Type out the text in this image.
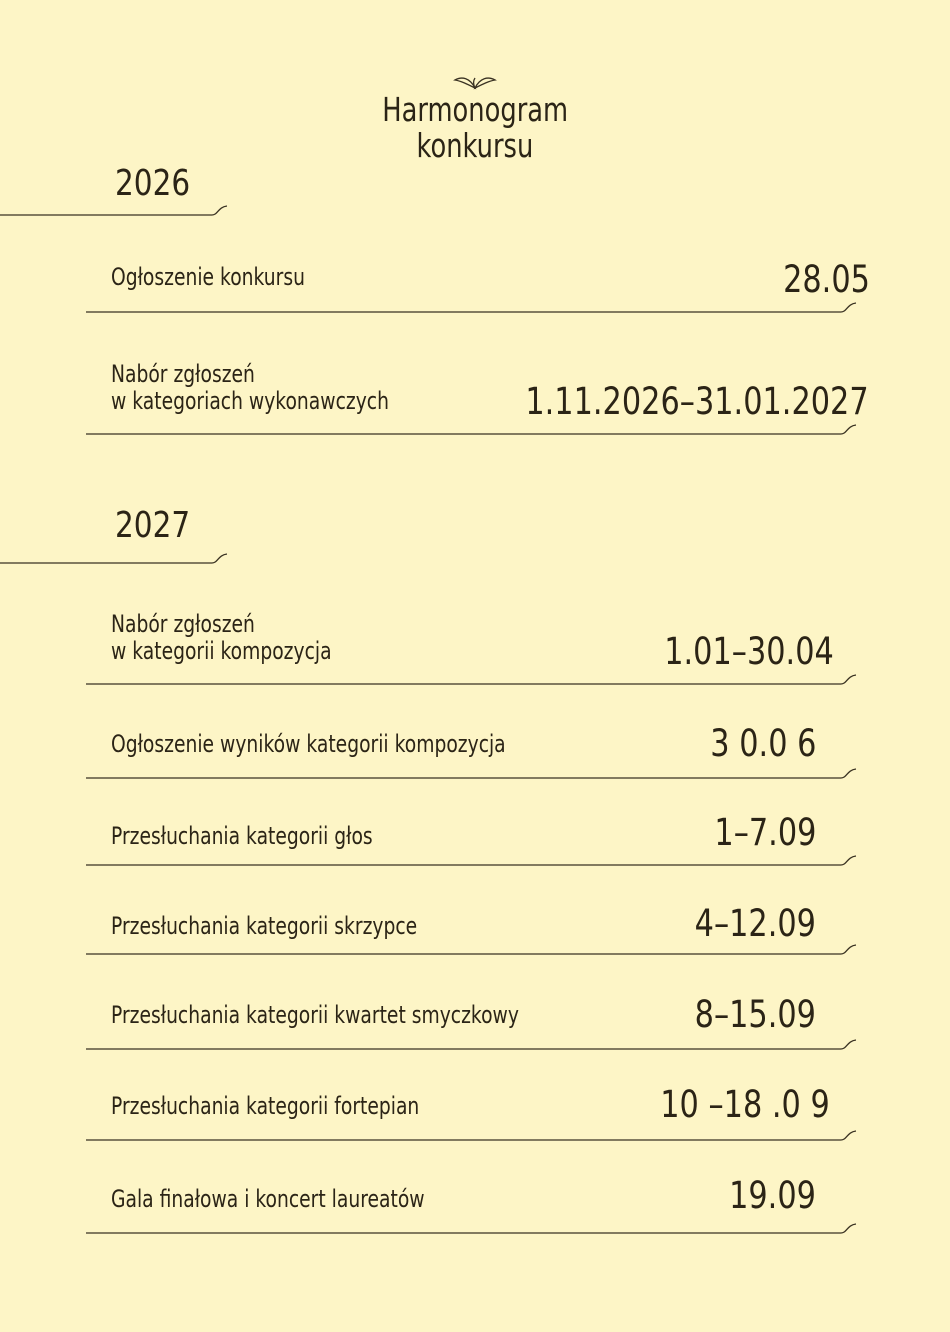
Harmonogram
konkursu
2026
Ogłoszenie konkursu	28.05
Nabór zgłoszeń
w kategoriach wykonawczych	1.11.2026–31.01.2027
2027
Nabór zgłoszeń
w kategorii kompozycja	1.01–30.04
Ogłoszenie wyników kategorii kompozycja	3 0.0 6
Przesłuchania kategorii głos	1–7.09
Przesłuchania kategorii skrzypce	4–12.09
Przesłuchania kategorii kwartet smyczkowy	8–15.09
Przesłuchania kategorii fortepian	10 –18 .0 9
Gala finałowa i koncert laureatów	19.09
